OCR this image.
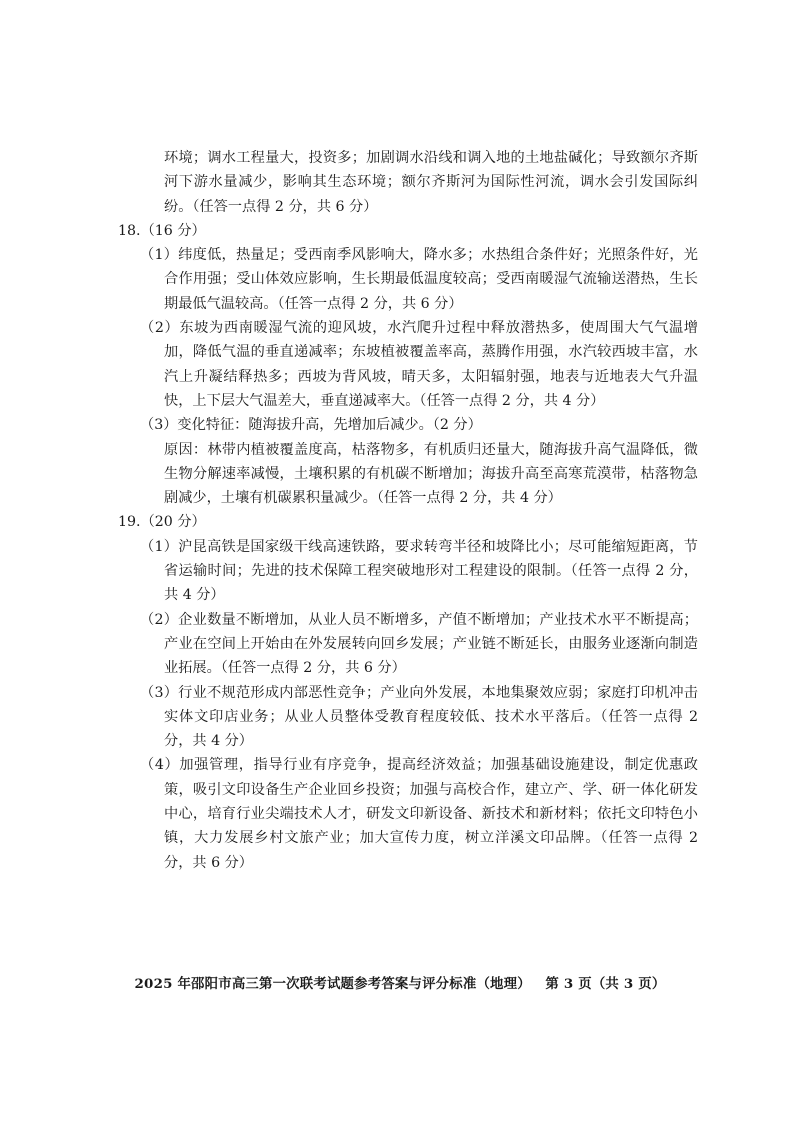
环境；调水工程量大，投资多；加剧调水沿线和调入地的土地盐碱化；导致额尔齐斯河下游水量减少，影响其生态环境；额尔齐斯河为国际性河流，调水会引发国际纠纷。（任答一点得 2 分，共 6 分）

18.（16 分）

（1）纬度低，热量足；受西南季风影响大，降水多；水热组合条件好；光照条件好，光合作用强；受山体效应影响，生长期最低温度较高；受西南暖湿气流输送潜热，生长期最低气温较高。（任答一点得 2 分，共 6 分）

（2）东坡为西南暖湿气流的迎风坡，水汽爬升过程中释放潜热多，使周围大气气温增加，降低气温的垂直递减率；东坡植被覆盖率高，蒸腾作用强，水汽较西坡丰富，水汽上升凝结释热多；西坡为背风坡，晴天多，太阳辐射强，地表与近地表大气升温快，上下层大气温差大，垂直递减率大。（任答一点得 2 分，共 4 分）

（3）变化特征：随海拔升高，先增加后减少。（2 分）

原因：林带内植被覆盖度高，枯落物多，有机质归还量大，随海拔升高气温降低，微生物分解速率减慢，土壤积累的有机碳不断增加；海拔升高至高寒荒漠带，枯落物急剧减少，土壤有机碳累积量减少。（任答一点得 2 分，共 4 分）

19.（20 分）

（1）沪昆高铁是国家级干线高速铁路，要求转弯半径和坡降比小；尽可能缩短距离，节省运输时间；先进的技术保障工程突破地形对工程建设的限制。（任答一点得 2 分，共 4 分）

（2）企业数量不断增加，从业人员不断增多，产值不断增加；产业技术水平不断提高；产业在空间上开始由在外发展转向回乡发展；产业链不断延长，由服务业逐渐向制造业拓展。（任答一点得 2 分，共 6 分）

（3）行业不规范形成内部恶性竞争；产业向外发展，本地集聚效应弱；家庭打印机冲击实体文印店业务；从业人员整体受教育程度较低、技术水平落后。（任答一点得 2 分，共 4 分）

（4）加强管理，指导行业有序竞争，提高经济效益；加强基础设施建设，制定优惠政策，吸引文印设备生产企业回乡投资；加强与高校合作，建立产、学、研一体化研发中心，培育行业尖端技术人才，研发文印新设备、新技术和新材料；依托文印特色小镇，大力发展乡村文旅产业；加大宣传力度，树立洋溪文印品牌。（任答一点得 2 分，共 6 分）

2025 年邵阳市高三第一次联考试题参考答案与评分标准（地理） 第 3 页（共 3 页）
